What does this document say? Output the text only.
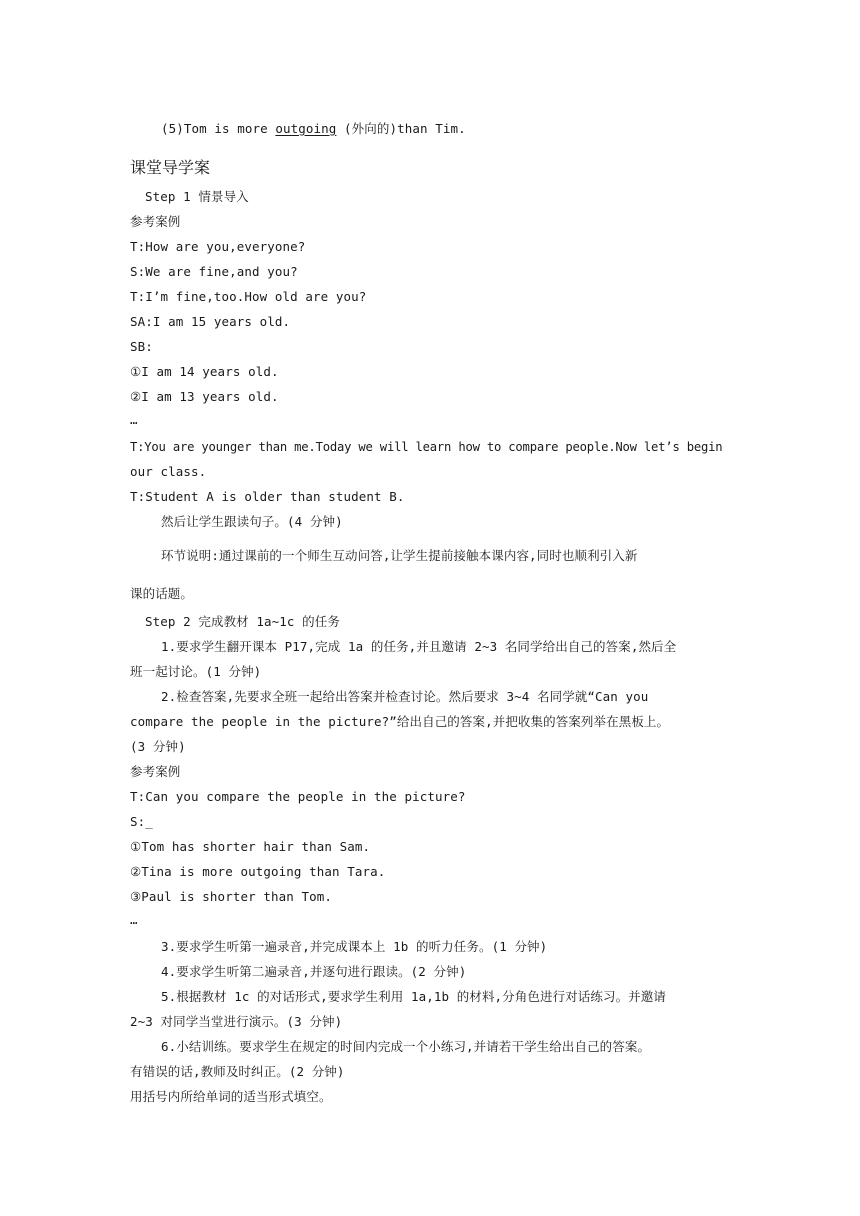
(5)Tom is more outgoing (外向的)than Tim.
课堂导学案
Step 1 情景导入
参考案例
T:How are you,everyone?
S:We are fine,and you?
T:I’m fine,too.How old are you?
SA:I am 15 years old.
SB:
①I am 14 years old.
②I am 13 years old.
…
T:You are younger than me.Today we will learn how to compare people.Now let’s begin
our class.
T:Student A is older than student B.
然后让学生跟读句子。(4 分钟)
环节说明:通过课前的一个师生互动问答,让学生提前接触本课内容,同时也顺利引入新
课的话题。
Step 2 完成教材 1a~1c 的任务
1.要求学生翻开课本 P17,完成 1a 的任务,并且邀请 2~3 名同学给出自己的答案,然后全
班一起讨论。(1 分钟)
2.检查答案,先要求全班一起给出答案并检查讨论。然后要求 3~4 名同学就“Can you
compare the people in the picture?”给出自己的答案,并把收集的答案列举在黑板上。
(3 分钟)
参考案例
T:Can you compare the people in the picture?
S:_
①Tom has shorter hair than Sam.
②Tina is more outgoing than Tara.
③Paul is shorter than Tom.
…
3.要求学生听第一遍录音,并完成课本上 1b 的听力任务。(1 分钟)
4.要求学生听第二遍录音,并逐句进行跟读。(2 分钟)
5.根据教材 1c 的对话形式,要求学生利用 1a,1b 的材料,分角色进行对话练习。并邀请
2~3 对同学当堂进行演示。(3 分钟)
6.小结训练。要求学生在规定的时间内完成一个小练习,并请若干学生给出自己的答案。
有错误的话,教师及时纠正。(2 分钟)
用括号内所给单词的适当形式填空。
